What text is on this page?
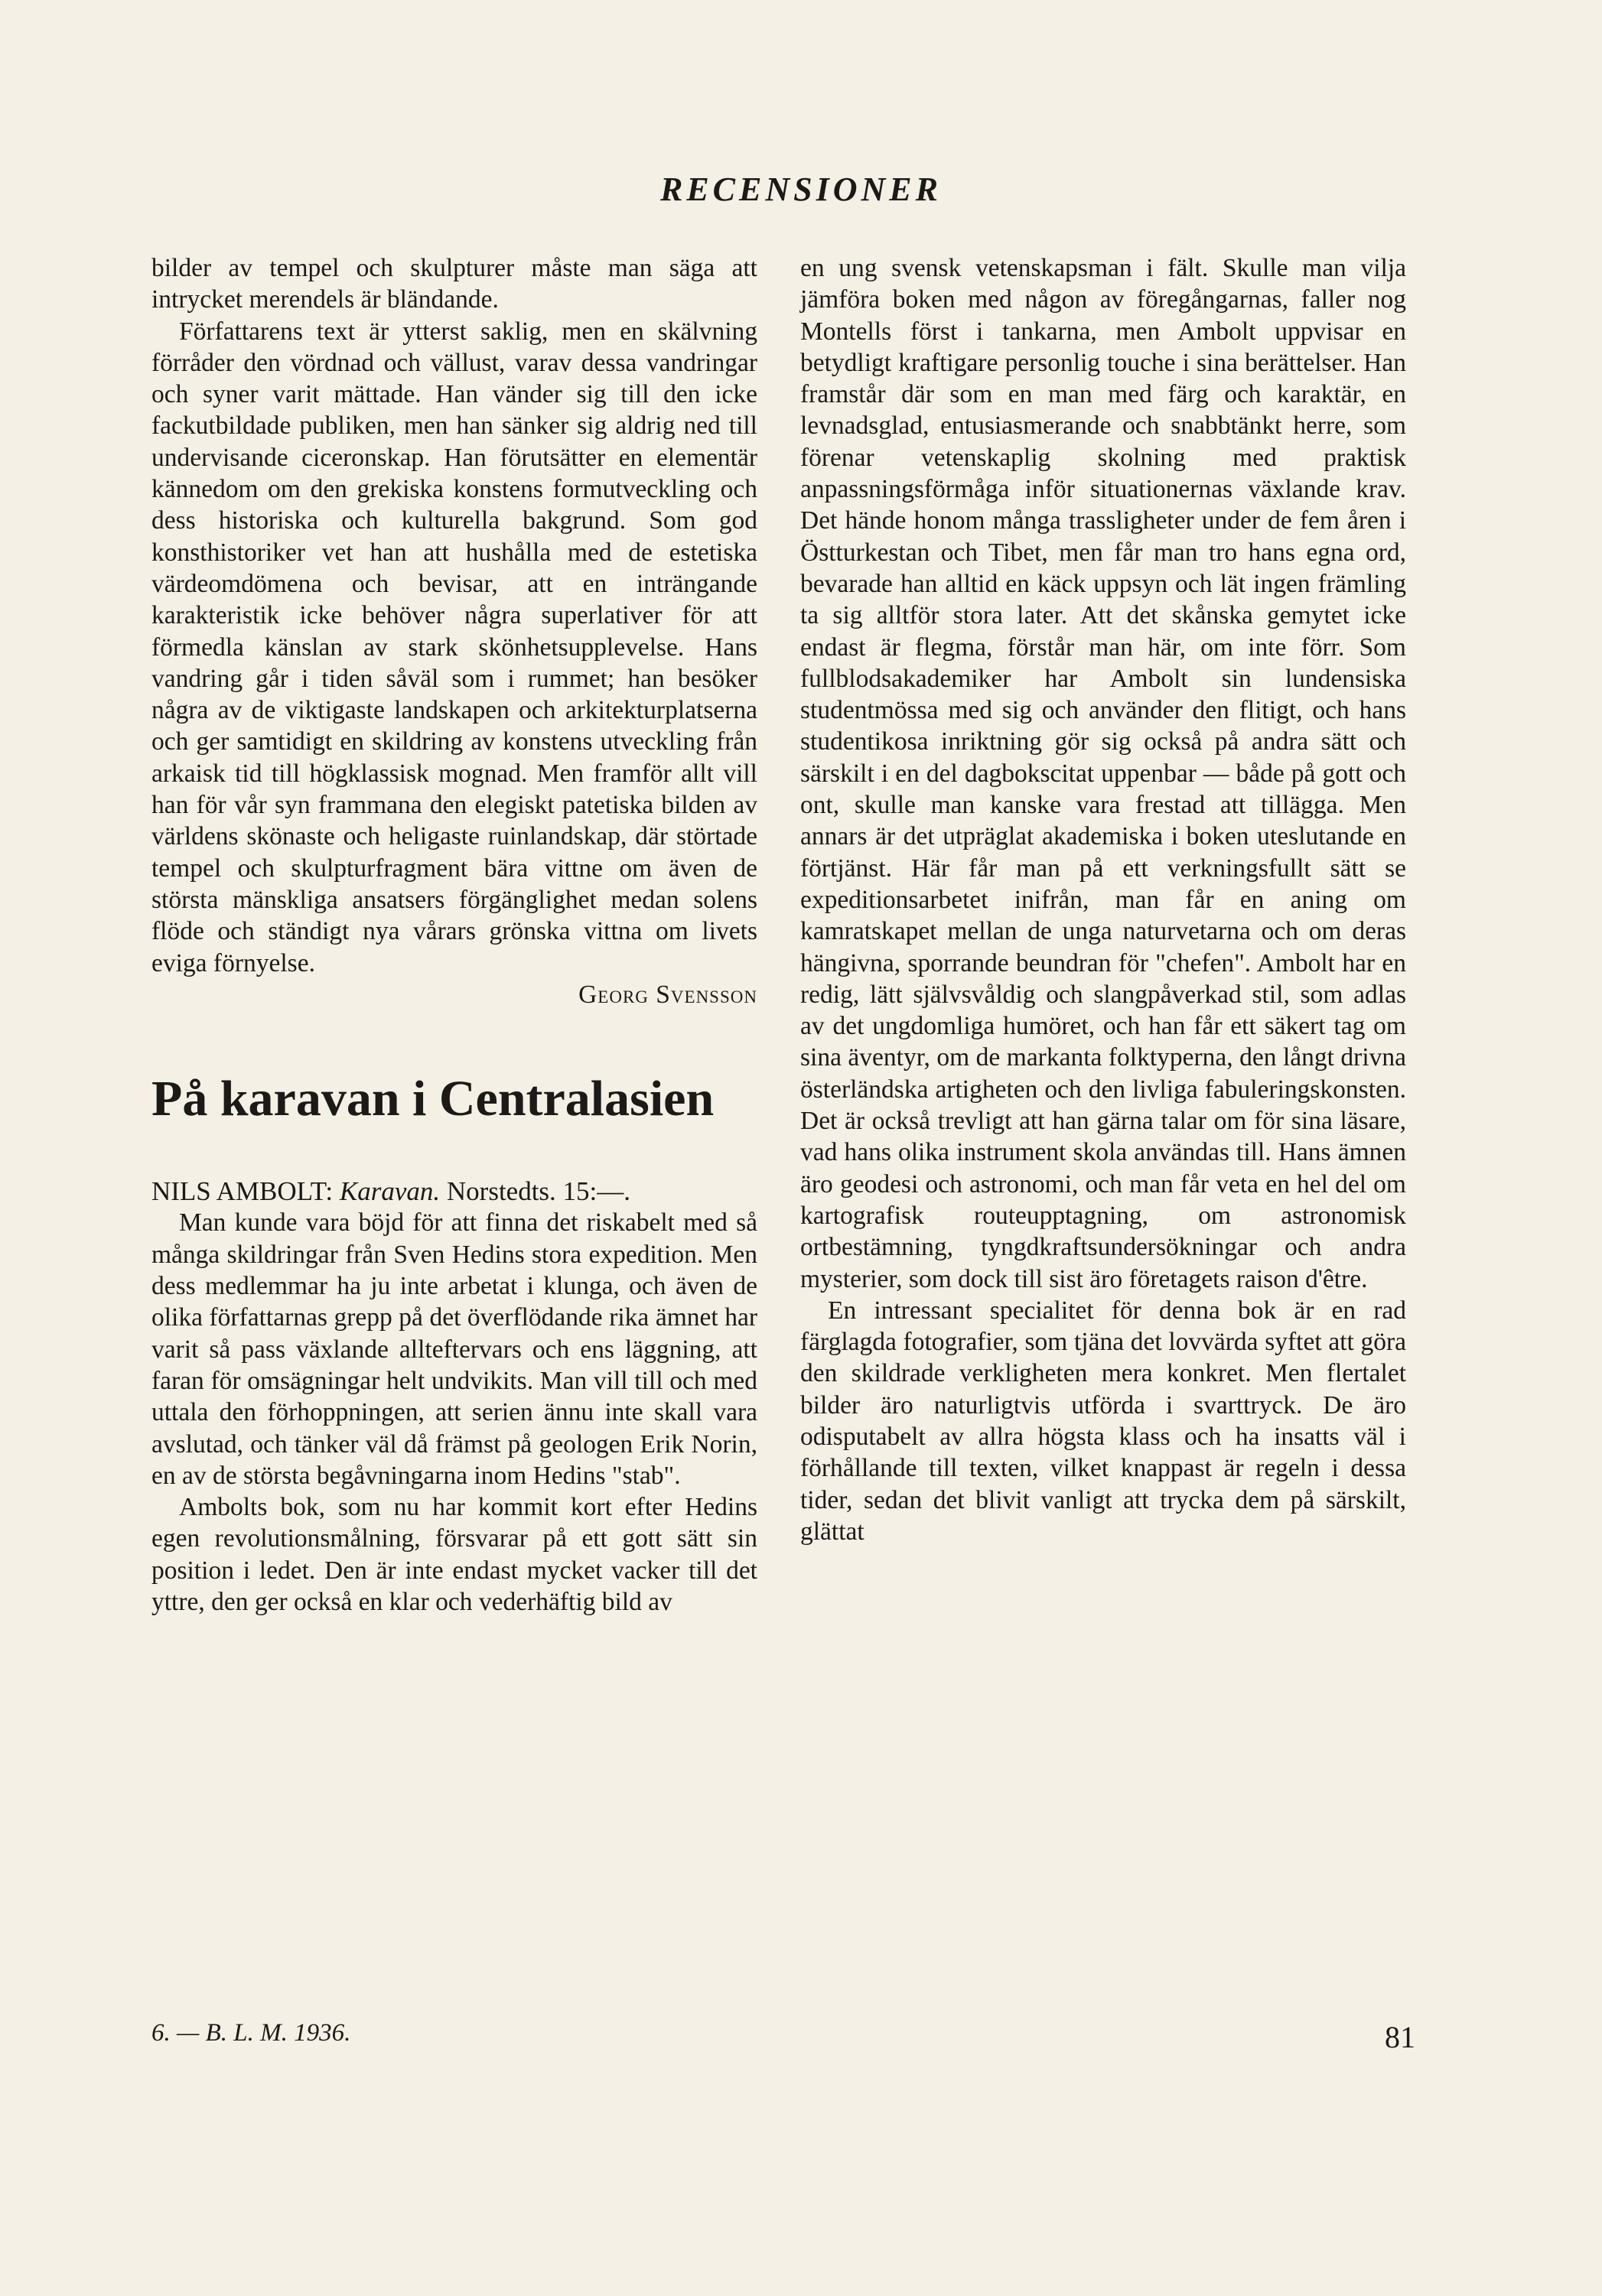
RECENSIONER

bilder av tempel och skulpturer måste man säga att intrycket merendels är bländande.

Författarens text är ytterst saklig, men en skälvning förråder den vördnad och vällust, varav dessa vandringar och syner varit mättade. Han vänder sig till den icke fackutbildade publiken, men han sänker sig aldrig ned till undervisande ciceronskap. Han förutsätter en elementär kännedom om den grekiska konstens formutveckling och dess historiska och kulturella bakgrund. Som god konsthistoriker vet han att hushålla med de estetiska värdeomdömena och bevisar, att en inträngande karakteristik icke behöver några superlativer för att förmedla känslan av stark skönhetsupplevelse. Hans vandring går i tiden såväl som i rummet; han besöker några av de viktigaste landskapen och arkitekturplatserna och ger samtidigt en skildring av konstens utveckling från arkaisk tid till högklassisk mognad. Men framför allt vill han för vår syn frammana den elegiskt patetiska bilden av världens skönaste och heligaste ruinlandskap, där störtade tempel och skulpturfragment bära vittne om även de största mänskliga ansatsers förgänglighet medan solens flöde och ständigt nya vårars grönska vittna om livets eviga förnyelse.

Georg Svensson

På karavan i Centralasien

NILS AMBOLT: Karavan. Norstedts. 15:—.

Man kunde vara böjd för att finna det riskabelt med så många skildringar från Sven Hedins stora expedition. Men dess medlemmar ha ju inte arbetat i klunga, och även de olika författarnas grepp på det överflödande rika ämnet har varit så pass växlande allteftervars och ens läggning, att faran för omsägningar helt undvikits. Man vill till och med uttala den förhoppningen, att serien ännu inte skall vara avslutad, och tänker väl då främst på geologen Erik Norin, en av de största begåvningarna inom Hedins "stab".

Ambolts bok, som nu har kommit kort efter Hedins egen revolutionsmålning, försvarar på ett gott sätt sin position i ledet. Den är inte endast mycket vacker till det yttre, den ger också en klar och vederhäftig bild av

en ung svensk vetenskapsman i fält. Skulle man vilja jämföra boken med någon av föregångarnas, faller nog Montells först i tankarna, men Ambolt uppvisar en betydligt kraftigare personlig touche i sina berättelser. Han framstår där som en man med färg och karaktär, en levnadsglad, entusiasmerande och snabbtänkt herre, som förenar vetenskaplig skolning med praktisk anpassningsförmåga inför situationernas växlande krav. Det hände honom många trassligheter under de fem åren i Östturkestan och Tibet, men får man tro hans egna ord, bevarade han alltid en käck uppsyn och lät ingen främling ta sig alltför stora later. Att det skånska gemytet icke endast är flegma, förstår man här, om inte förr. Som fullblodsakademiker har Ambolt sin lundensiska studentmössa med sig och använder den flitigt, och hans studentikosa inriktning gör sig också på andra sätt och särskilt i en del dagbokscitat uppenbar — både på gott och ont, skulle man kanske vara frestad att tillägga. Men annars är det utpräglat akademiska i boken uteslutande en förtjänst. Här får man på ett verkningsfullt sätt se expeditionsarbetet inifrån, man får en aning om kamratskapet mellan de unga naturvetarna och om deras hängivna, sporrande beundran för "chefen". Ambolt har en redig, lätt självsvåldig och slangpåverkad stil, som adlas av det ungdomliga humöret, och han får ett säkert tag om sina äventyr, om de markanta folktyperna, den långt drivna österländska artigheten och den livliga fabuleringskonsten. Det är också trevligt att han gärna talar om för sina läsare, vad hans olika instrument skola användas till. Hans ämnen äro geodesi och astronomi, och man får veta en hel del om kartografisk routeupptagning, om astronomisk ortbestämning, tyngdkraftsundersökningar och andra mysterier, som dock till sist äro företagets raison d'être.

En intressant specialitet för denna bok är en rad färglagda fotografier, som tjäna det lovvärda syftet att göra den skildrade verkligheten mera konkret. Men flertalet bilder äro naturligtvis utförda i svarttryck. De äro odisputabelt av allra högsta klass och ha insatts väl i förhållande till texten, vilket knappast är regeln i dessa tider, sedan det blivit vanligt att trycka dem på särskilt, glättat

6. — B. L. M. 1936.	81
